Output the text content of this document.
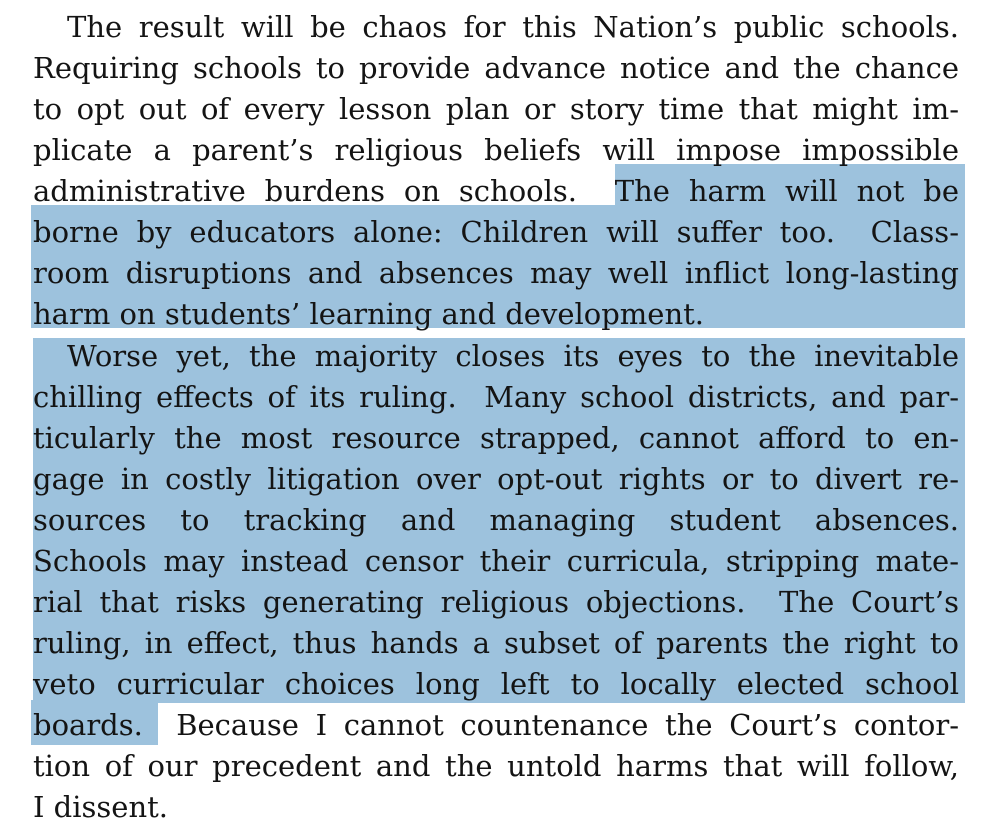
The result will be chaos for this Nation’s public schools.

Requiring schools to provide advance notice and the chance

to opt out of every lesson plan or story time that might im-

plicate a parent’s religious beliefs will impose impossible

administrative burdens on schools.  The harm will not be

borne by educators alone: Children will suffer too.  Class-

room disruptions and absences may well inflict long-lasting

harm on students’ learning and development.

Worse yet, the majority closes its eyes to the inevitable

chilling effects of its ruling.  Many school districts, and par-

ticularly the most resource strapped, cannot afford to en-

gage in costly litigation over opt-out rights or to divert re-

sources to tracking and managing student absences.

Schools may instead censor their curricula, stripping mate-

rial that risks generating religious objections.  The Court’s

ruling, in effect, thus hands a subset of parents the right to

veto curricular choices long left to locally elected school

boards.  Because I cannot countenance the Court’s contor-

tion of our precedent and the untold harms that will follow,

I dissent.
